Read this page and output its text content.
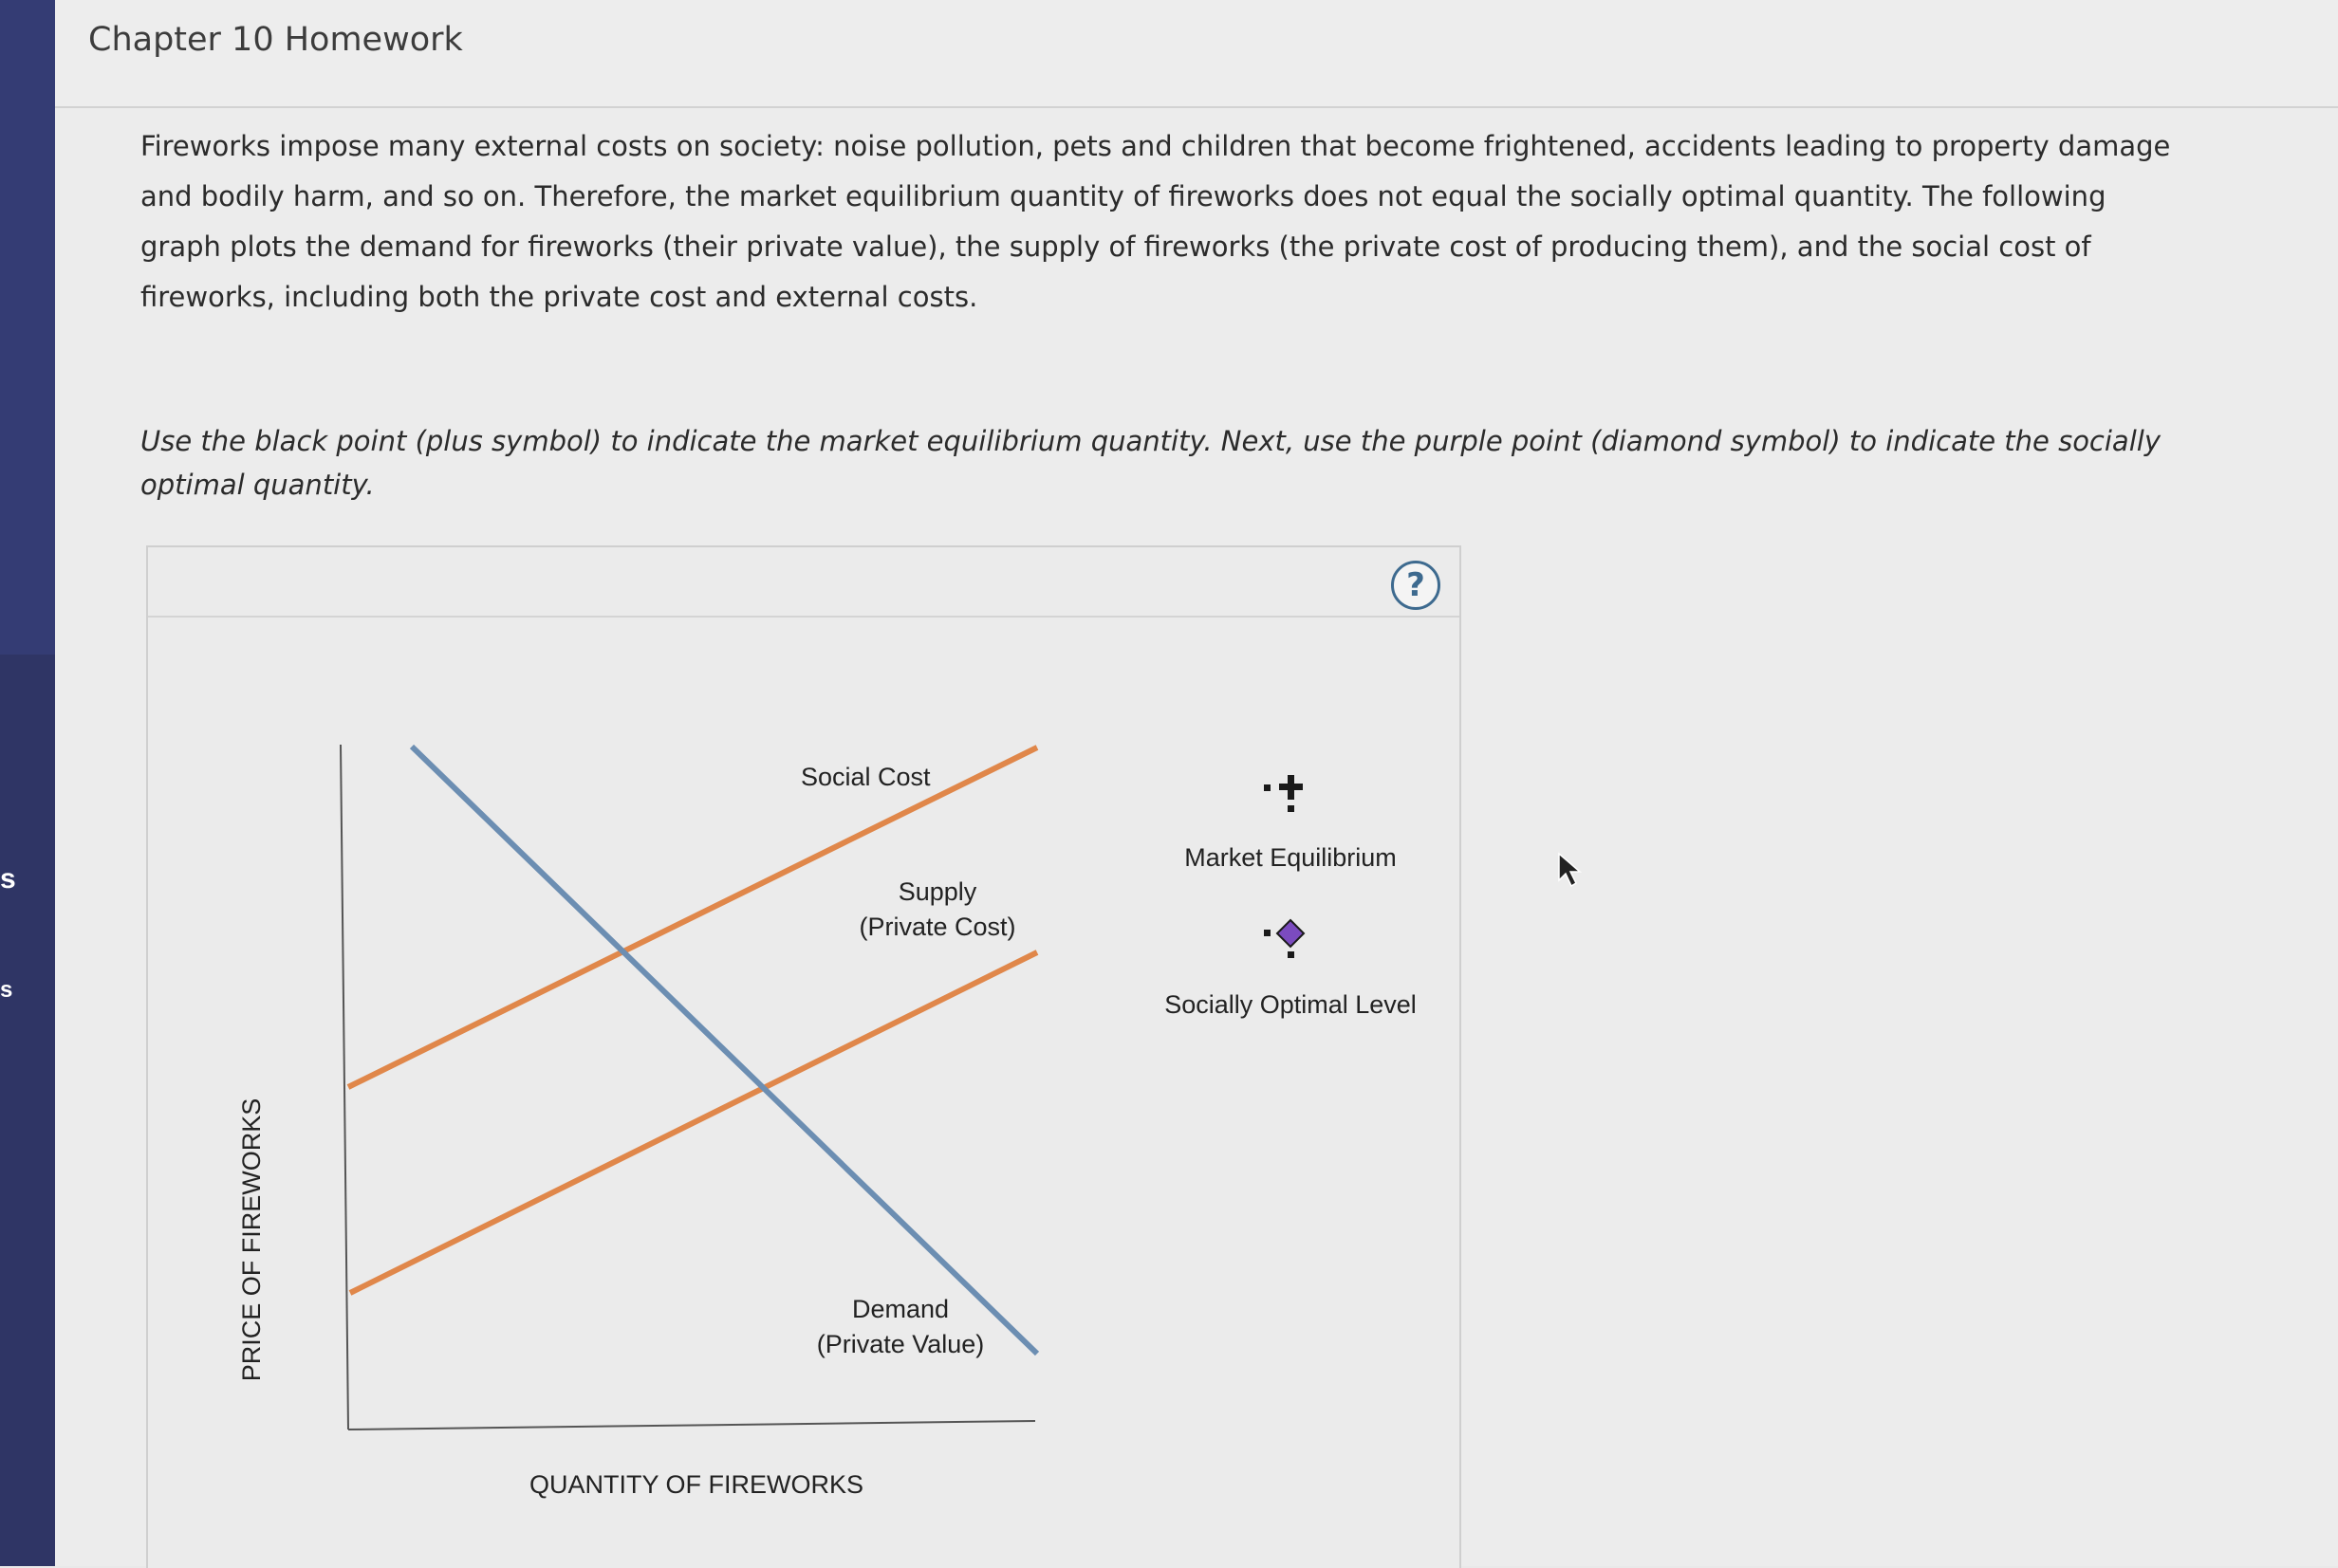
s
s
Chapter 10 Homework
Fireworks impose many external costs on society: noise pollution, pets and children that become frightened, accidents leading to property damage and bodily harm, and so on. Therefore, the market equilibrium quantity of fireworks does not equal the socially optimal quantity. The following graph plots the demand for fireworks (their private value), the supply of fireworks (the private cost of producing them), and the social cost of fireworks, including both the private cost and external costs.
Use the black point (plus symbol) to indicate the market equilibrium quantity. Next, use the purple point (diamond symbol) to indicate the socially optimal quantity.
?
Social Cost
Supply
(Private Cost)
Demand
(Private Value)
PRICE OF FIREWORKS
QUANTITY OF FIREWORKS
Market Equilibrium
Socially Optimal Level
